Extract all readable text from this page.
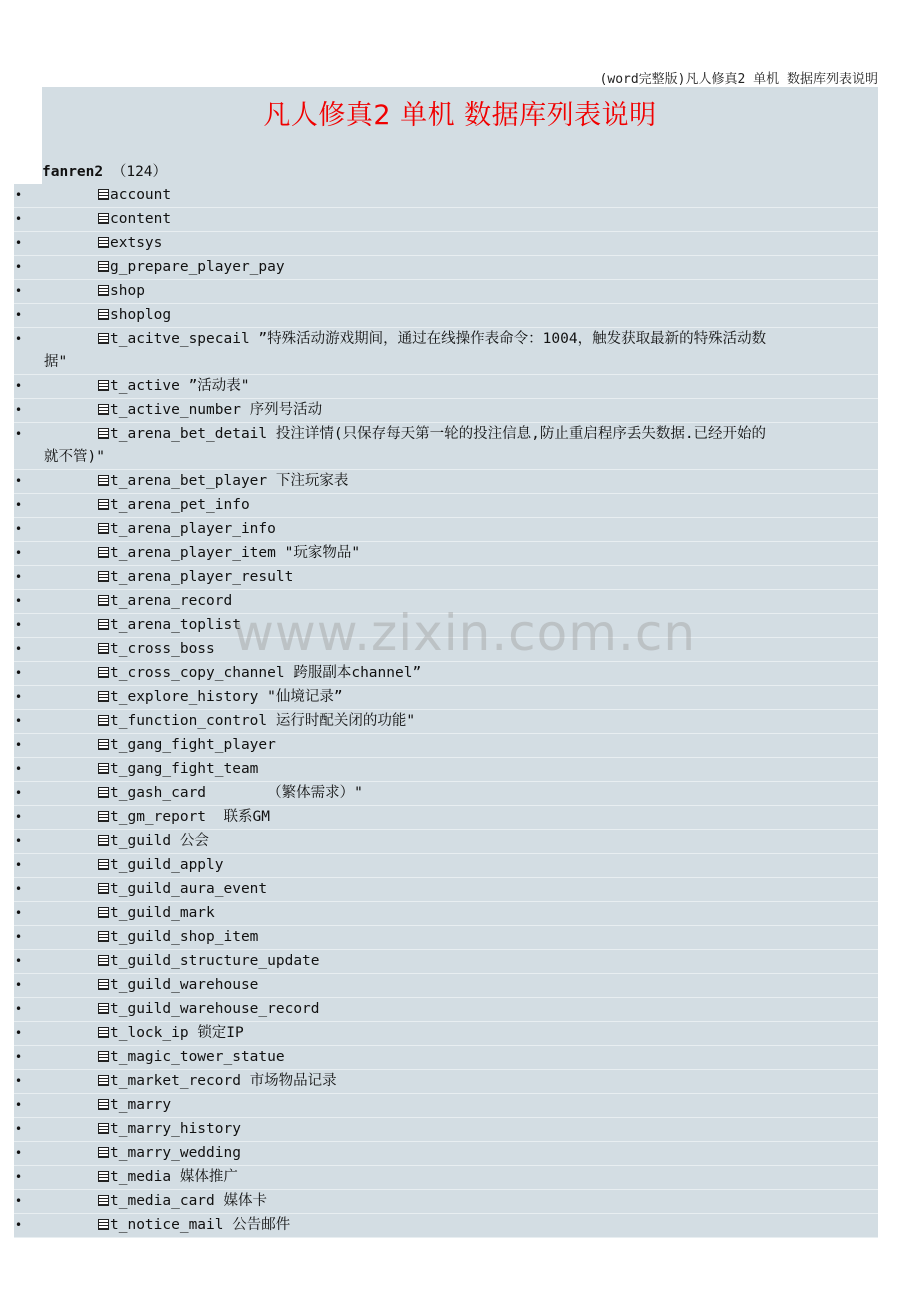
(word完整版)凡人修真2 单机 数据库列表说明
凡人修真2 单机 数据库列表说明
fanren2 （124）
•	account
•	content
•	extsys
•	g_prepare_player_pay
•	shop
•	shoplog
•	t_acitve_specail ”特殊活动游戏期间，通过在线操作表命令：1004，触发获取最新的特殊活动数
据"
•	t_active ”活动表"
•	t_active_number 序列号活动
•	t_arena_bet_detail 投注详情(只保存每天第一轮的投注信息,防止重启程序丢失数据.已经开始的
就不管)"
•	t_arena_bet_player 下注玩家表
•	t_arena_pet_info
•	t_arena_player_info
•	t_arena_player_item "玩家物品"
•	t_arena_player_result
•	t_arena_record
•	t_arena_toplist
•	t_cross_boss
•	t_cross_copy_channel 跨服副本channel”
•	t_explore_history "仙境记录”
•	t_function_control 运行时配关闭的功能"
•	t_gang_fight_player
•	t_gang_fight_team
•	t_gash_card       （繁体需求）"
•	t_gm_report  联系GM
•	t_guild 公会
•	t_guild_apply
•	t_guild_aura_event
•	t_guild_mark
•	t_guild_shop_item
•	t_guild_structure_update
•	t_guild_warehouse
•	t_guild_warehouse_record
•	t_lock_ip 锁定IP
•	t_magic_tower_statue
•	t_market_record 市场物品记录
•	t_marry
•	t_marry_history
•	t_marry_wedding
•	t_media 媒体推广
•	t_media_card 媒体卡
•	t_notice_mail 公告邮件
www.zixin.com.cn
